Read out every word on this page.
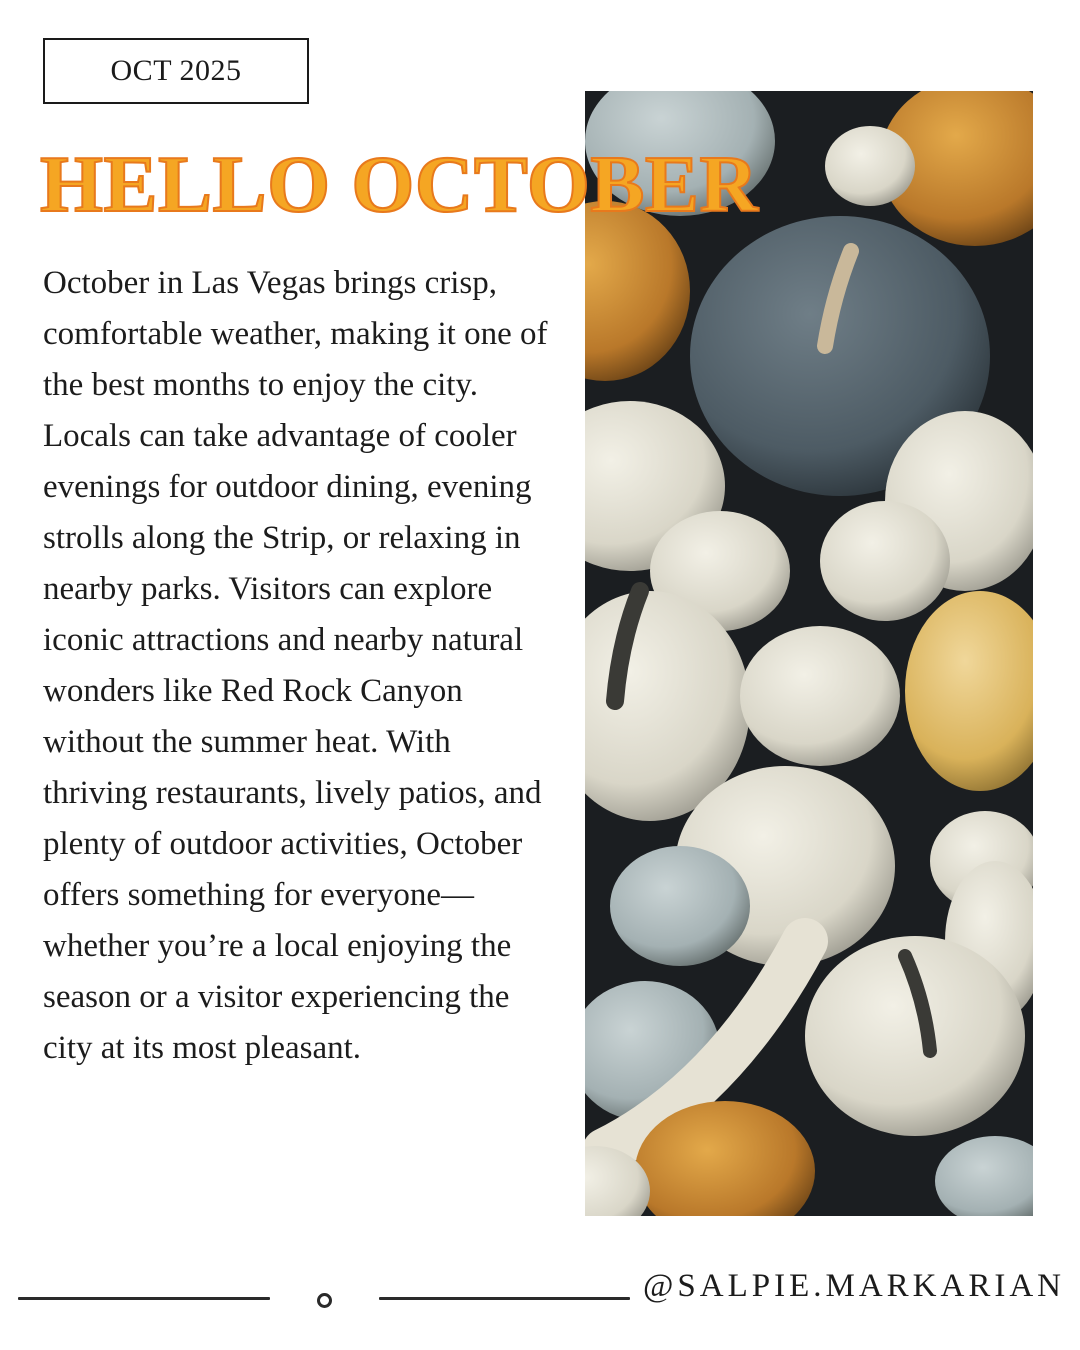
OCT 2025
HELLO OCTOBER

October in Las Vegas brings crisp, comfortable weather, making it one of the best months to enjoy the city. Locals can take advantage of cooler evenings for outdoor dining, evening strolls along the Strip, or relaxing in nearby parks. Visitors can explore iconic attractions and nearby natural wonders like Red Rock Canyon without the summer heat. With thriving restaurants, lively patios, and plenty of outdoor activities, October offers something for everyone—whether you’re a local enjoying the season or a visitor experiencing the city at its most pleasant.

@SALPIE.MARKARIAN
